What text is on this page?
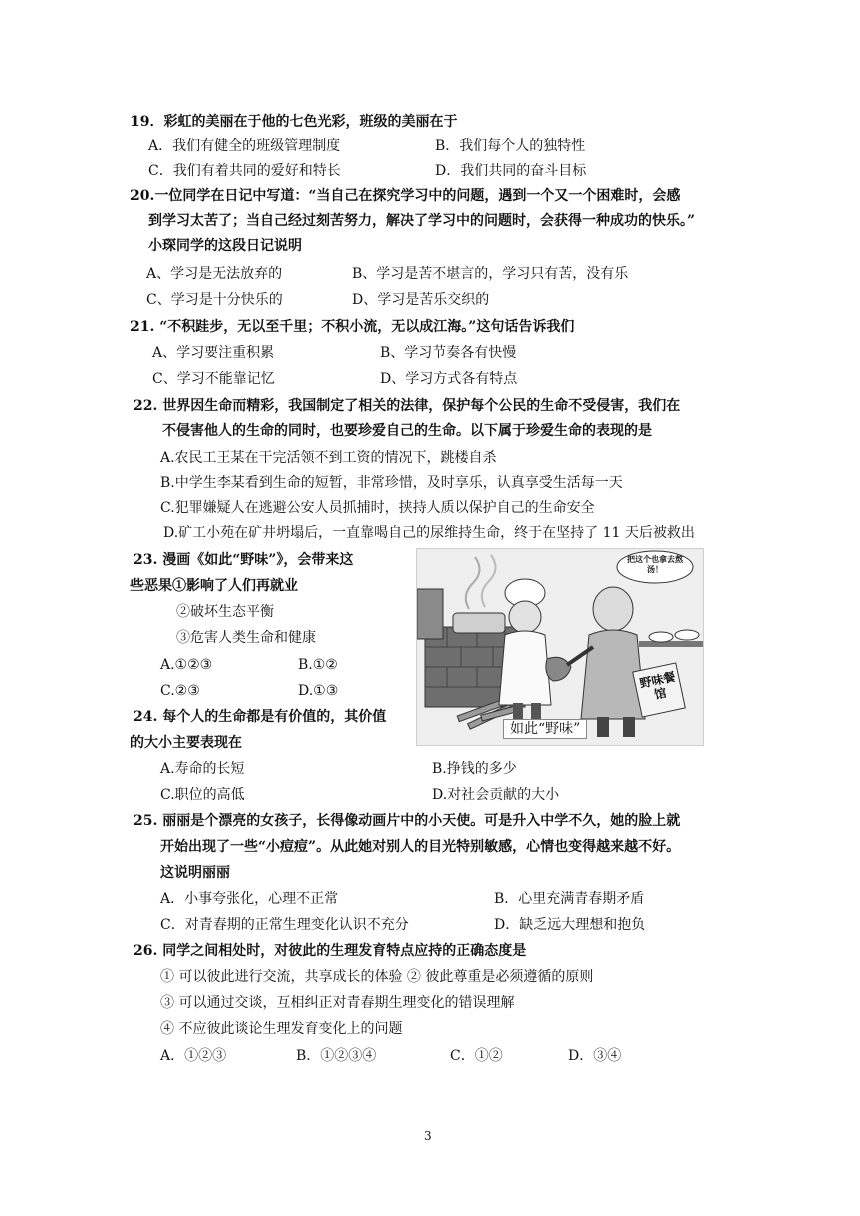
19．彩虹的美丽在于他的七色光彩，班级的美丽在于
A．我们有健全的班级管理制度	B．我们每个人的独特性
C．我们有着共同的爱好和特长	D．我们共同的奋斗目标
20.一位同学在日记中写道：“当自己在探究学习中的问题，遇到一个又一个困难时，会感
到学习太苦了；当自己经过刻苦努力，解决了学习中的问题时，会获得一种成功的快乐。”
小琛同学的这段日记说明
A、学习是无法放弃的	B、学习是苦不堪言的，学习只有苦，没有乐
C、学习是十分快乐的	D、学习是苦乐交织的
21. “不积跬步，无以至千里；不积小流，无以成江海。”这句话告诉我们
A、学习要注重积累	B、学习节奏各有快慢
C、学习不能靠记忆	D、学习方式各有特点
22. 世界因生命而精彩，我国制定了相关的法律，保护每个公民的生命不受侵害，我们在
不侵害他人的生命的同时，也要珍爱自己的生命。以下属于珍爱生命的表现的是
A.农民工王某在干完活领不到工资的情况下，跳楼自杀
B.中学生李某看到生命的短暂，非常珍惜，及时享乐，认真享受生活每一天
C.犯罪嫌疑人在逃避公安人员抓捕时，挟持人质以保护自己的生命安全
D.矿工小苑在矿井坍塌后，一直靠喝自己的尿维持生命，终于在坚持了 11 天后被救出
23. 漫画《如此“野味”》，会带来这
些恶果①影响了人们再就业
②破坏生态平衡
③危害人类生命和健康
A.①②③	B.①②
C.②③	D.①③
把这个也拿去熬汤！
野味餐馆
如此“野味”
24. 每个人的生命都是有价值的，其价值
的大小主要表现在
A.寿命的长短	B.挣钱的多少
C.职位的高低	D.对社会贡献的大小
25. 丽丽是个漂亮的女孩子，长得像动画片中的小天使。可是升入中学不久，她的脸上就
开始出现了一些“小痘痘”。从此她对别人的目光特别敏感，心情也变得越来越不好。
这说明丽丽
A．小事夸张化，心理不正常	B．心里充满青春期矛盾
C．对青春期的正常生理变化认识不充分	D．缺乏远大理想和抱负
26. 同学之间相处时，对彼此的生理发育特点应持的正确态度是
① 可以彼此进行交流，共享成长的体验 ② 彼此尊重是必须遵循的原则
③ 可以通过交谈，互相纠正对青春期生理变化的错误理解
④ 不应彼此谈论生理发育变化上的问题
A．①②③	B．①②③④	C．①②	D．③④
3
